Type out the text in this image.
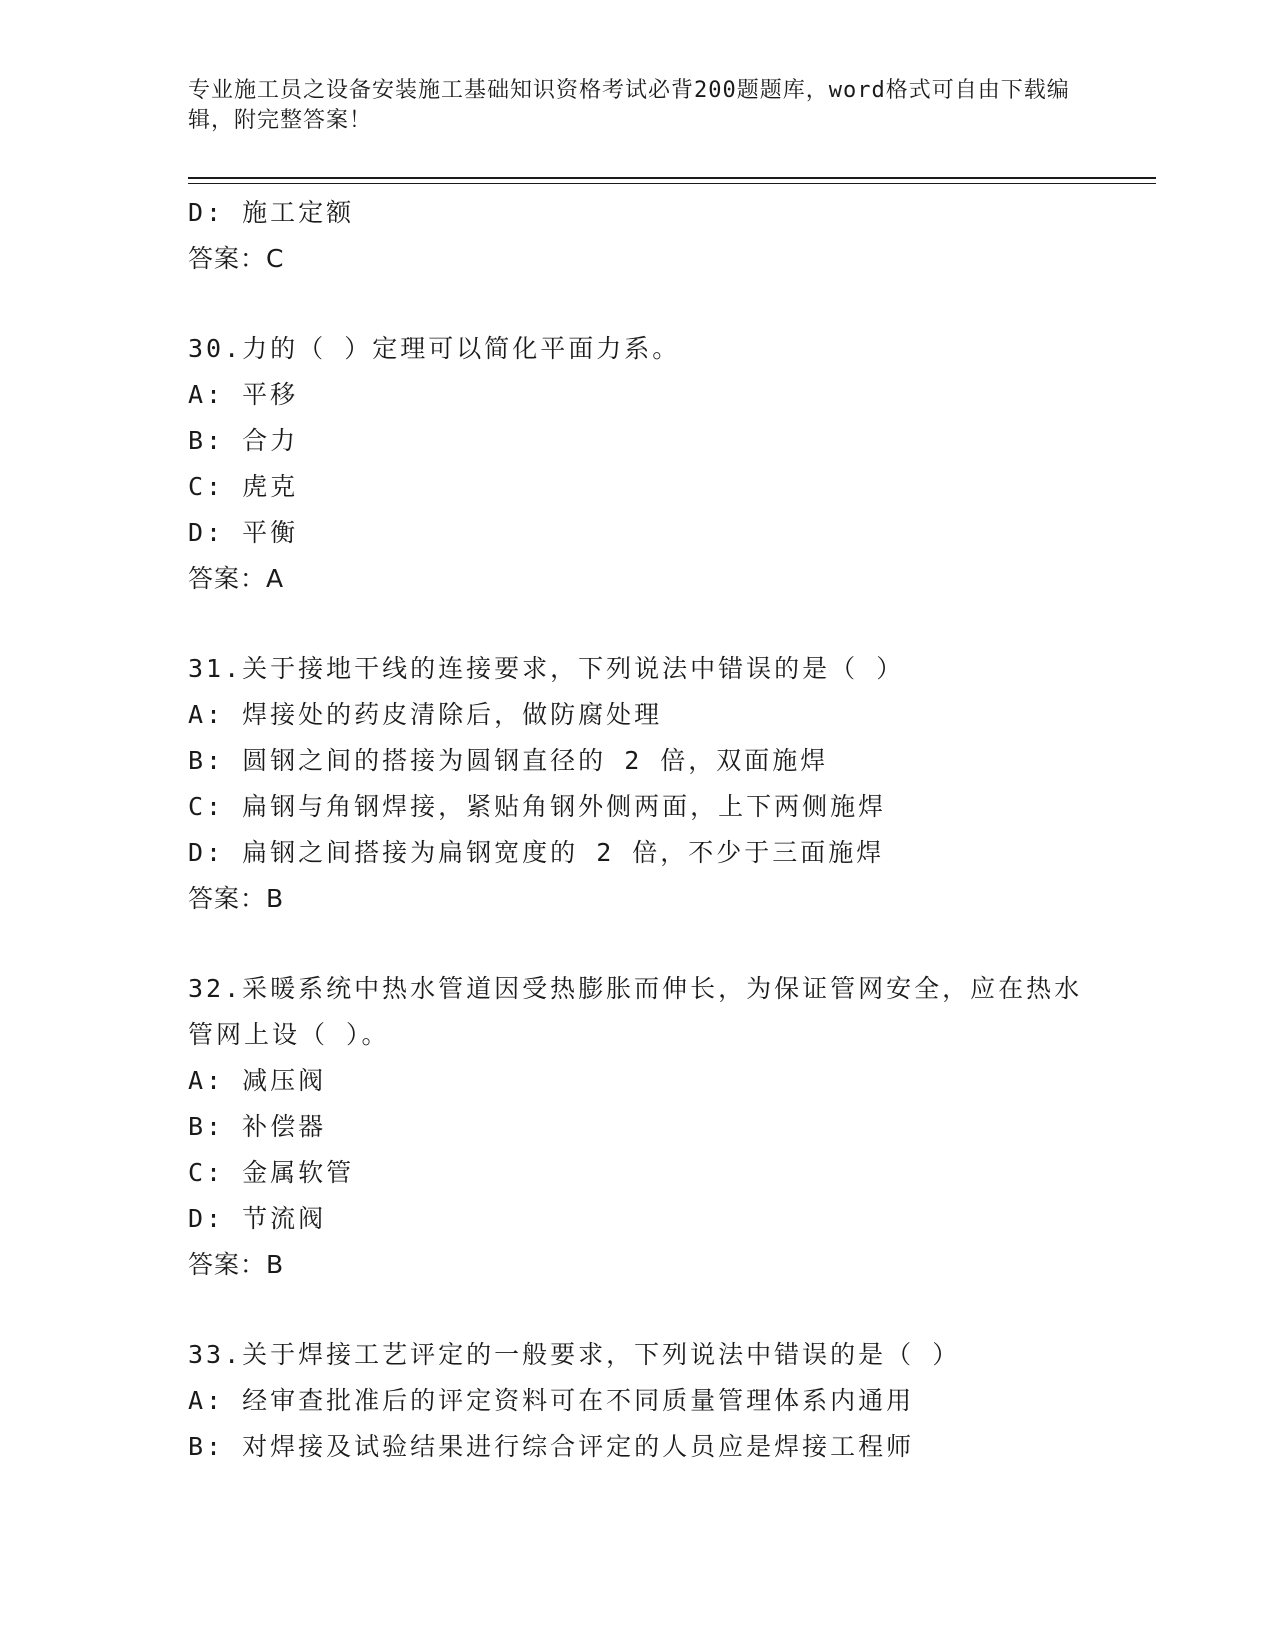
专业施工员之设备安装施工基础知识资格考试必背200题题库，word格式可自由下载编辑，附完整答案！
D: 施工定额
答案：C
30.力的（ ）定理可以简化平面力系。
A: 平移
B: 合力
C: 虎克
D: 平衡
答案：A
31.关于接地干线的连接要求，下列说法中错误的是（ ）
A: 焊接处的药皮清除后，做防腐处理
B: 圆钢之间的搭接为圆钢直径的 2 倍，双面施焊
C: 扁钢与角钢焊接，紧贴角钢外侧两面，上下两侧施焊
D: 扁钢之间搭接为扁钢宽度的 2 倍，不少于三面施焊
答案：B
32.采暖系统中热水管道因受热膨胀而伸长，为保证管网安全，应在热水管网上设（ ）。
A: 减压阀
B: 补偿器
C: 金属软管
D: 节流阀
答案：B
33.关于焊接工艺评定的一般要求，下列说法中错误的是（ ）
A: 经审查批准后的评定资料可在不同质量管理体系内通用
B: 对焊接及试验结果进行综合评定的人员应是焊接工程师
